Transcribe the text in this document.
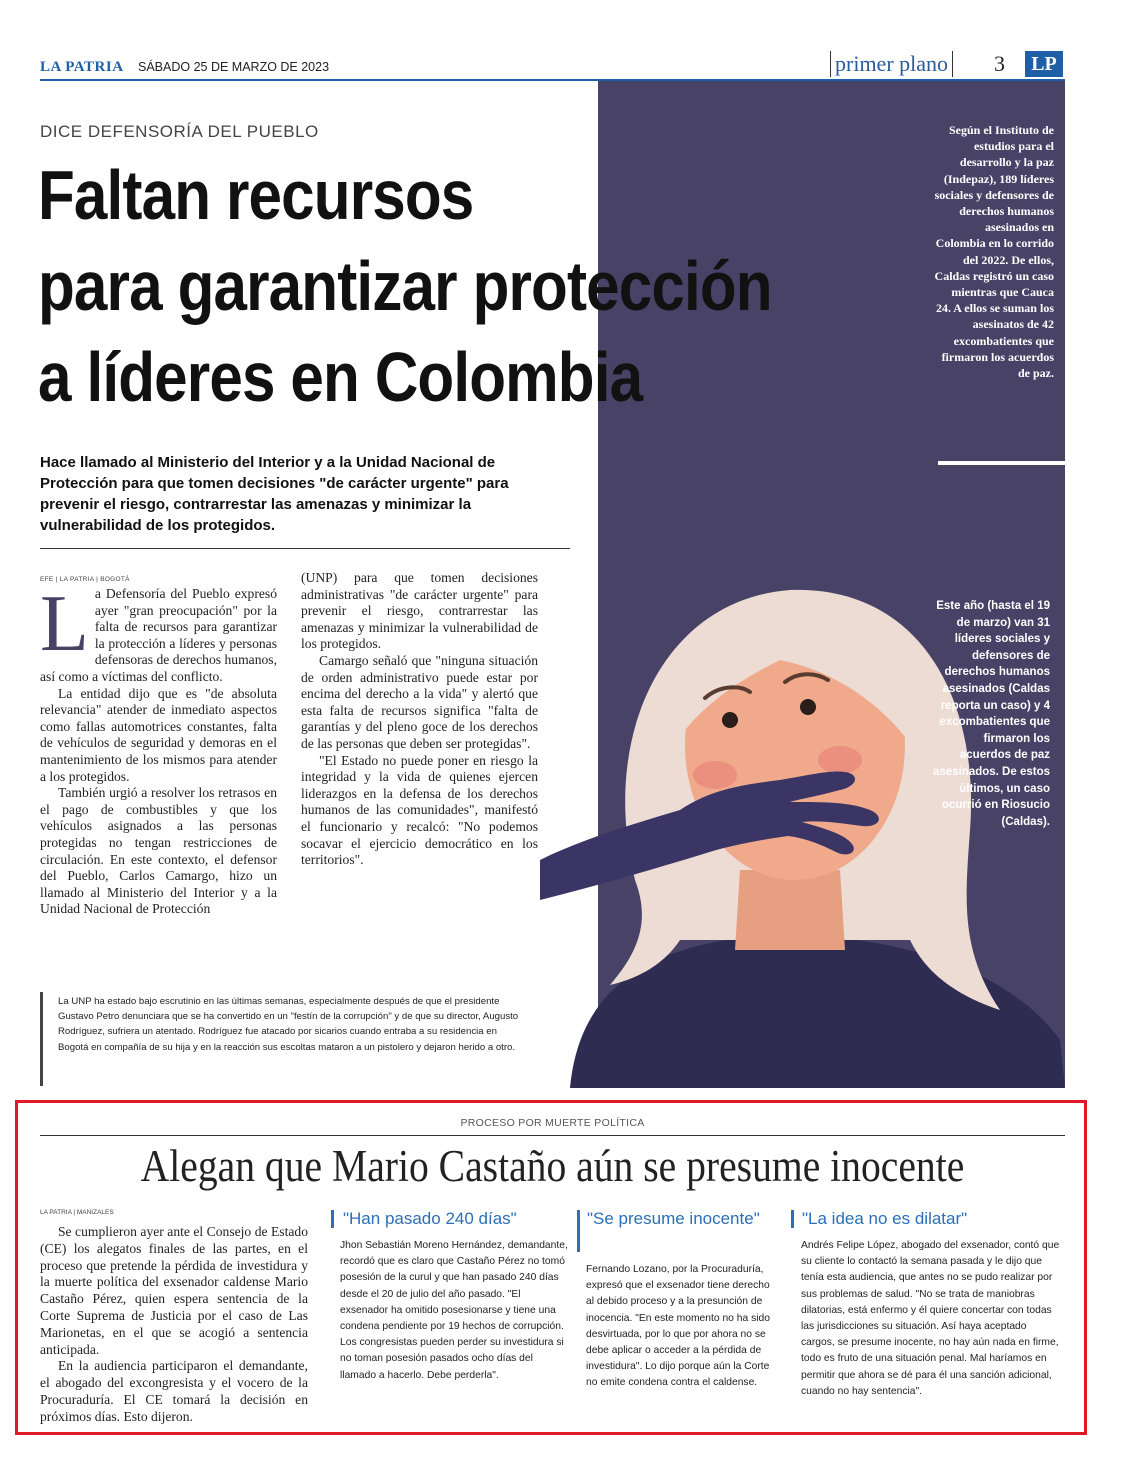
LA PATRIA SÁBADO 25 DE MARZO DE 2023	primer plano 3	LP
DICE DEFENSORÍA DEL PUEBLO
Faltan recursos
para garantizar protección
a líderes en Colombia
Hace llamado al Ministerio del Interior y a la Unidad Nacional de Protección para que tomen decisiones "de carácter urgente" para prevenir el riesgo, contrarrestar las amenazas y minimizar la vulnerabilidad de los protegidos.
Según el Instituto de estudios para el desarrollo y la paz (Indepaz), 189 líderes sociales y defensores de derechos humanos asesinados en Colombia en lo corrido del 2022. De ellos, Caldas registró un caso mientras que Cauca 24. A ellos se suman los asesinatos de 42 excombatientes que firmaron los acuerdos de paz.
Este año (hasta el 19 de marzo) van 31 líderes sociales y defensores de derechos humanos asesinados (Caldas reporta un caso) y 4 excombatientes que firmaron los acuerdos de paz asesinados. De estos últimos, un caso ocurrió en Riosucio (Caldas).
EFE | LA PATRIA | BOGOTÁ

La Defensoría del Pueblo expresó ayer "gran preocupación" por la falta de recursos para garantizar la protección a líderes y personas defensoras de derechos humanos, así como a víctimas del conflicto.

La entidad dijo que es "de absoluta relevancia" atender de inmediato aspectos como fallas automotrices constantes, falta de vehículos de seguridad y demoras en el mantenimiento de los mismos para atender a los protegidos.

También urgió a resolver los retrasos en el pago de combustibles y que los vehículos asignados a las personas protegidas no tengan restricciones de circulación. En este contexto, el defensor del Pueblo, Carlos Camargo, hizo un llamado al Ministerio del Interior y a la Unidad Nacional de Protección

(UNP) para que tomen decisiones administrativas "de carácter urgente" para prevenir el riesgo, contrarrestar las amenazas y minimizar la vulnerabilidad de los protegidos.

Camargo señaló que "ninguna situación de orden administrativo puede estar por encima del derecho a la vida" y alertó que esta falta de recursos significa "falta de garantías y del pleno goce de los derechos de las personas que deben ser protegidas".

"El Estado no puede poner en riesgo la integridad y la vida de quienes ejercen liderazgos en la defensa de los derechos humanos de las comunidades", manifestó el funcionario y recalcó: "No podemos socavar el ejercicio democrático en los territorios".

La UNP ha estado bajo escrutinio en las últimas semanas, especialmente después de que el presidente Gustavo Petro denunciara que se ha convertido en un "festín de la corrupción" y de que su director, Augusto Rodríguez, sufriera un atentado. Rodríguez fue atacado por sicarios cuando entraba a su residencia en Bogotá en compañía de su hija y en la reacción sus escoltas mataron a un pistolero y dejaron herido a otro.
PROCESO POR MUERTE POLÍTICA
Alegan que Mario Castaño aún se presume inocente
LA PATRIA | MANIZALES

Se cumplieron ayer ante el Consejo de Estado (CE) los alegatos finales de las partes, en el proceso que pretende la pérdida de investidura y la muerte política del exsenador caldense Mario Castaño Pérez, quien espera sentencia de la Corte Suprema de Justicia por el caso de Las Marionetas, en el que se acogió a sentencia anticipada.

En la audiencia participaron el demandante, el abogado del excongresista y el vocero de la Procuraduría. El CE tomará la decisión en próximos días. Esto dijeron.

"Han pasado 240 días"
Jhon Sebastián Moreno Hernández, demandante, recordó que es claro que Castaño Pérez no tomó posesión de la curul y que han pasado 240 días desde el 20 de julio del año pasado. "El exsenador ha omitido posesionarse y tiene una condena pendiente por 19 hechos de corrupción. Los congresistas pueden perder su investidura si no toman posesión pasados ocho días del llamado a hacerlo. Debe perderla".
"Se presume inocente"
Fernando Lozano, por la Procuraduría, expresó que el exsenador tiene derecho al debido proceso y a la presunción de inocencia. "En este momento no ha sido desvirtuada, por lo que por ahora no se debe aplicar o acceder a la pérdida de investidura". Lo dijo porque aún la Corte no emite condena contra el caldense.
"La idea no es dilatar"
Andrés Felipe López, abogado del exsenador, contó que su cliente lo contactó la semana pasada y le dijo que tenía esta audiencia, que antes no se pudo realizar por sus problemas de salud. "No se trata de maniobras dilatorias, está enfermo y él quiere concertar con todas las jurisdicciones su situación. Así haya aceptado cargos, se presume inocente, no hay aún nada en firme, todo es fruto de una situación penal. Mal haríamos en permitir que ahora se dé para él una sanción adicional, cuando no hay sentencia".
